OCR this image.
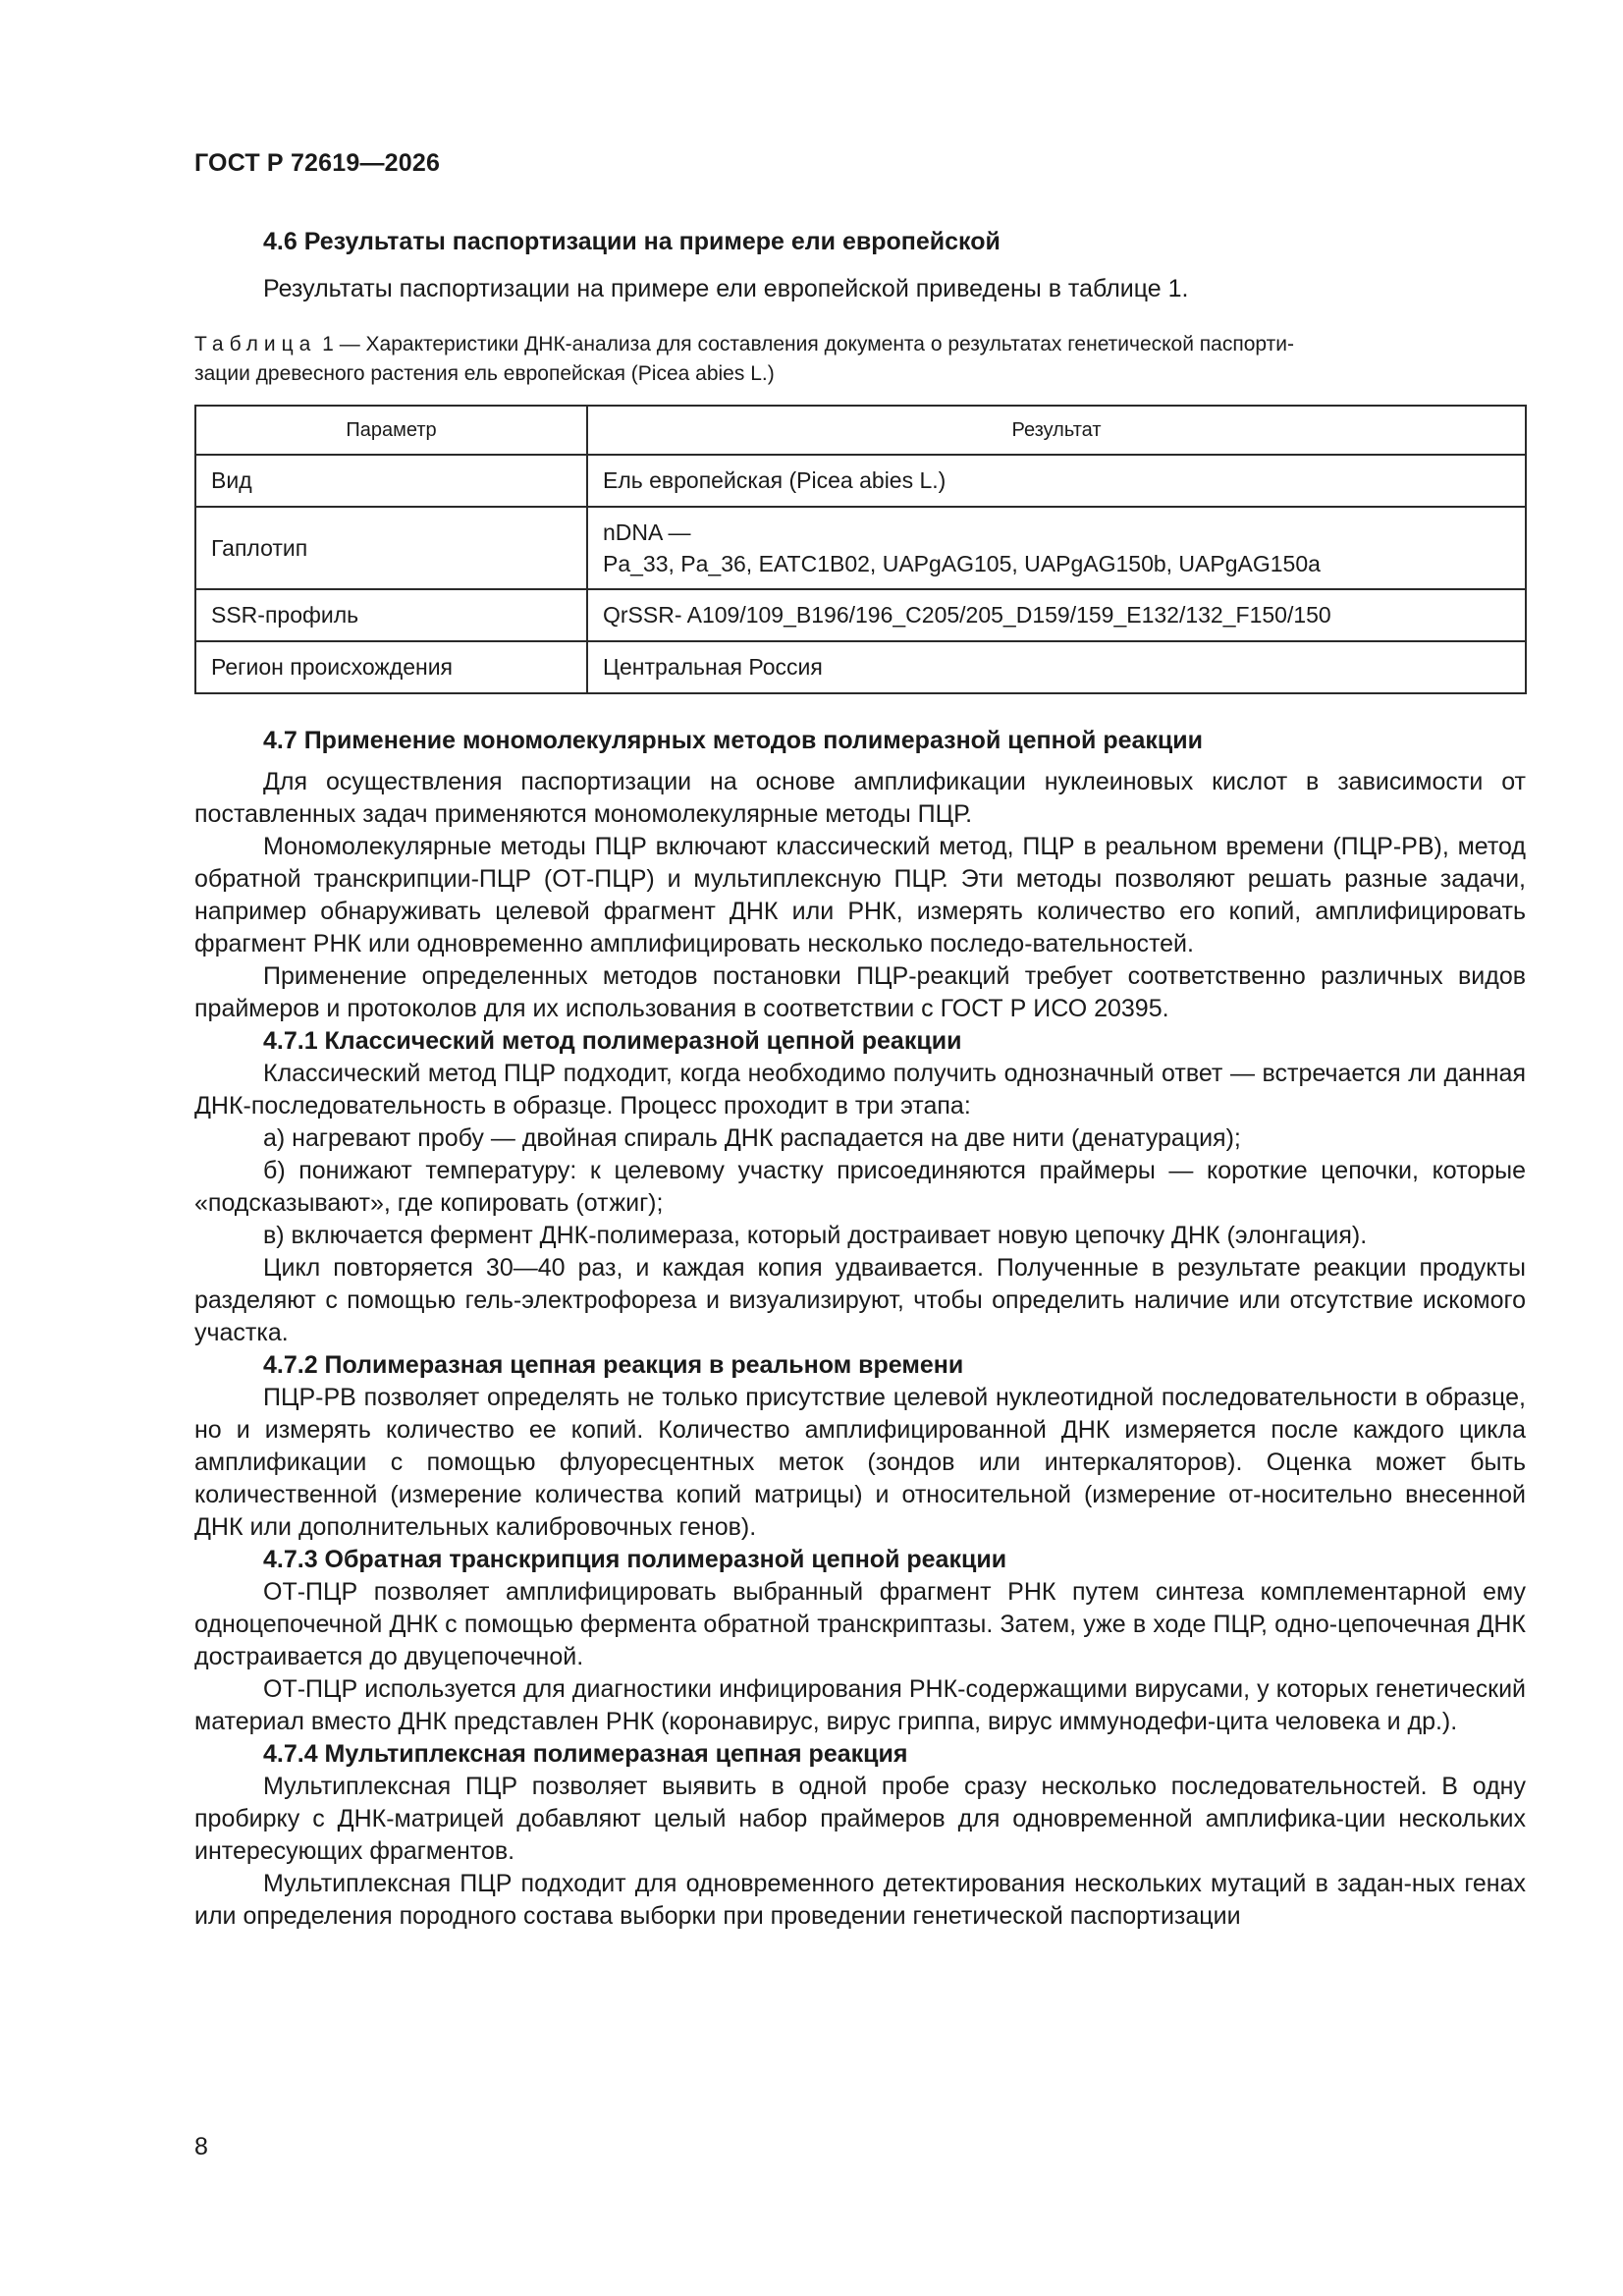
ГОСТ Р 72619—2026
4.6 Результаты паспортизации на примере ели европейской
Результаты паспортизации на примере ели европейской приведены в таблице 1.
Таблица 1 — Характеристики ДНК-анализа для составления документа о результатах генетической паспорти-
зации древесного растения ель европейская (Picea abies L.)
Параметр	Результат
Вид	Ель европейская (Picea abies L.)
Гаплотип	nDNA —
Pa_33, Pa_36, EATC1B02, UAPgAG105, UAPgAG150b, UAPgAG150a

SSR-профиль	QrSSR- A109/109_B196/196_C205/205_D159/159_E132/132_F150/150
Регион происхождения	Центральная Россия
4.7 Применение мономолекулярных методов полимеразной цепной реакции

Для осуществления паспортизации на основе амплификации нуклеиновых кислот в зависимости от поставленных задач применяются мономолекулярные методы ПЦР.

Мономолекулярные методы ПЦР включают классический метод, ПЦР в реальном времени (ПЦР-РВ), метод обратной транскрипции-ПЦР (ОТ-ПЦР) и мультиплексную ПЦР. Эти методы позволяют решать разные задачи, например обнаруживать целевой фрагмент ДНК или РНК, измерять количество его копий, амплифицировать фрагмент РНК или одновременно амплифицировать несколько последо-вательностей.

Применение определенных методов постановки ПЦР-реакций требует соответственно различных видов праймеров и протоколов для их использования в соответствии с ГОСТ Р ИСО 20395.

4.7.1 Классический метод полимеразной цепной реакции

Классический метод ПЦР подходит, когда необходимо получить однозначный ответ — встречается ли данная ДНК-последовательность в образце. Процесс проходит в три этапа:

а) нагревают пробу — двойная спираль ДНК распадается на две нити (денатурация);

б) понижают температуру: к целевому участку присоединяются праймеры — короткие цепочки, которые «подсказывают», где копировать (отжиг);

в) включается фермент ДНК-полимераза, который достраивает новую цепочку ДНК (элонгация).

Цикл повторяется 30—40 раз, и каждая копия удваивается. Полученные в результате реакции продукты разделяют с помощью гель-электрофореза и визуализируют, чтобы определить наличие или отсутствие искомого участка.

4.7.2 Полимеразная цепная реакция в реальном времени

ПЦР-РВ позволяет определять не только присутствие целевой нуклеотидной последовательности в образце, но и измерять количество ее копий. Количество амплифицированной ДНК измеряется после каждого цикла амплификации с помощью флуоресцентных меток (зондов или интеркаляторов). Оценка может быть количественной (измерение количества копий матрицы) и относительной (измерение от-носительно внесенной ДНК или дополнительных калибровочных генов).

4.7.3 Обратная транскрипция полимеразной цепной реакции

ОТ-ПЦР позволяет амплифицировать выбранный фрагмент РНК путем синтеза комплементарной ему одноцепочечной ДНК с помощью фермента обратной транскриптазы. Затем, уже в ходе ПЦР, одно-цепочечная ДНК достраивается до двуцепочечной.

ОТ-ПЦР используется для диагностики инфицирования РНК-содержащими вирусами, у которых генетический материал вместо ДНК представлен РНК (коронавирус, вирус гриппа, вирус иммунодефи-цита человека и др.).

4.7.4 Мультиплексная полимеразная цепная реакция

Мультиплексная ПЦР позволяет выявить в одной пробе сразу несколько последовательностей. В одну пробирку с ДНК-матрицей добавляют целый набор праймеров для одновременной амплифика-ции нескольких интересующих фрагментов.

Мультиплексная ПЦР подходит для одновременного детектирования нескольких мутаций в задан-ных генах или определения породного состава выборки при проведении генетической паспортизации

8
